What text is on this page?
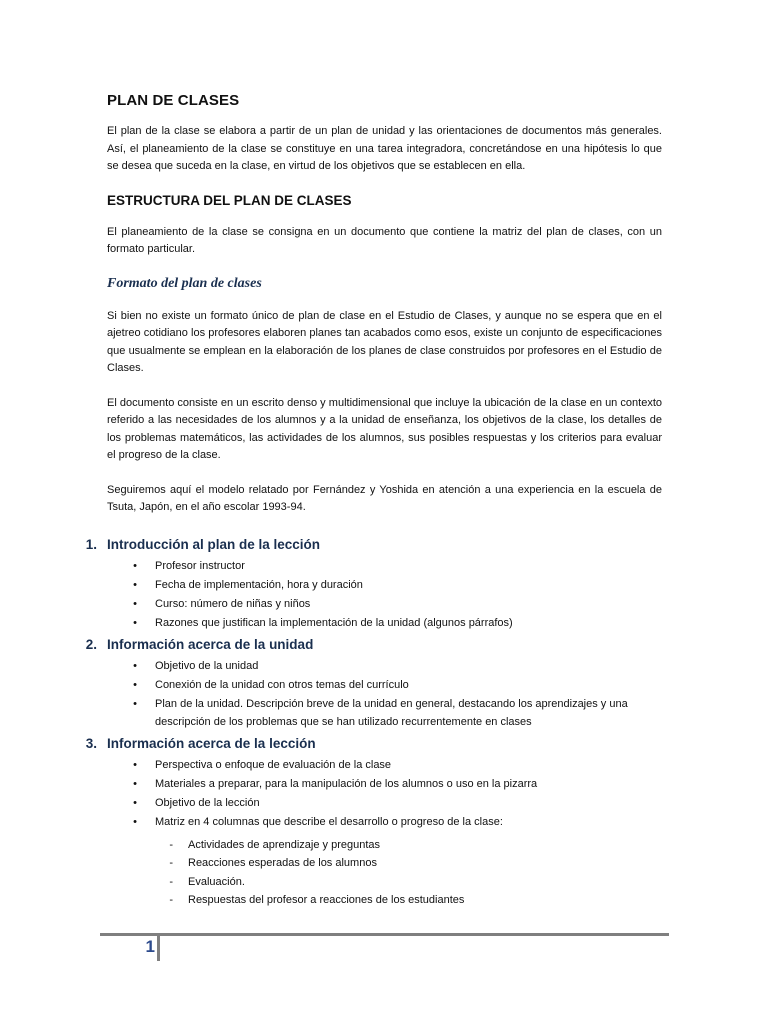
PLAN DE CLASES

El plan de la clase se elabora a partir de un plan de unidad y las orientaciones de documentos más generales. Así, el planeamiento de la clase se constituye en una tarea integradora, concretándose en una hipótesis lo que se desea que suceda en la clase, en virtud de los objetivos que se establecen en ella.

ESTRUCTURA DEL PLAN DE CLASES

El planeamiento de la clase se consigna en un documento que contiene la matriz del plan de clases, con un formato particular.

Formato del plan de clases

Si bien no existe un formato único de plan de clase en el Estudio de Clases, y aunque no se espera que en el ajetreo cotidiano los profesores elaboren planes tan acabados como esos, existe un conjunto de especificaciones que usualmente se emplean en la elaboración de los planes de clase construidos por profesores en el Estudio de Clases.

El documento consiste en un escrito denso y multidimensional que incluye la ubicación de la clase en un contexto referido a las necesidades de los alumnos y a la unidad de enseñanza, los objetivos de la clase, los detalles de los problemas matemáticos, las actividades de los alumnos, sus posibles respuestas y los criterios para evaluar el progreso de la clase.

Seguiremos aquí el modelo relatado por Fernández y Yoshida en atención a una experiencia en la escuela de Tsuta, Japón, en el año escolar 1993-94.

1. Introducción al plan de la lección
•	Profesor instructor
•	Fecha de implementación, hora y duración
•	Curso: número de niñas y niños
•	Razones que justifican la implementación de la unidad (algunos párrafos)
2. Información acerca de la unidad
•	Objetivo de la unidad
•	Conexión de la unidad con otros temas del currículo
•	Plan de la unidad. Descripción breve de la unidad en general, destacando los aprendizajes y una descripción de los problemas que se han utilizado recurrentemente en clases
3. Información acerca de la lección
•	Perspectiva o enfoque de evaluación de la clase
•	Materiales a preparar, para la manipulación de los alumnos o uso en la pizarra
•	Objetivo de la lección
•	Matriz en 4 columnas que describe el desarrollo o progreso de la clase:
-	Actividades de aprendizaje y preguntas
-	Reacciones esperadas de los alumnos
-	Evaluación.
-	Respuestas del profesor a reacciones de los estudiantes
1
